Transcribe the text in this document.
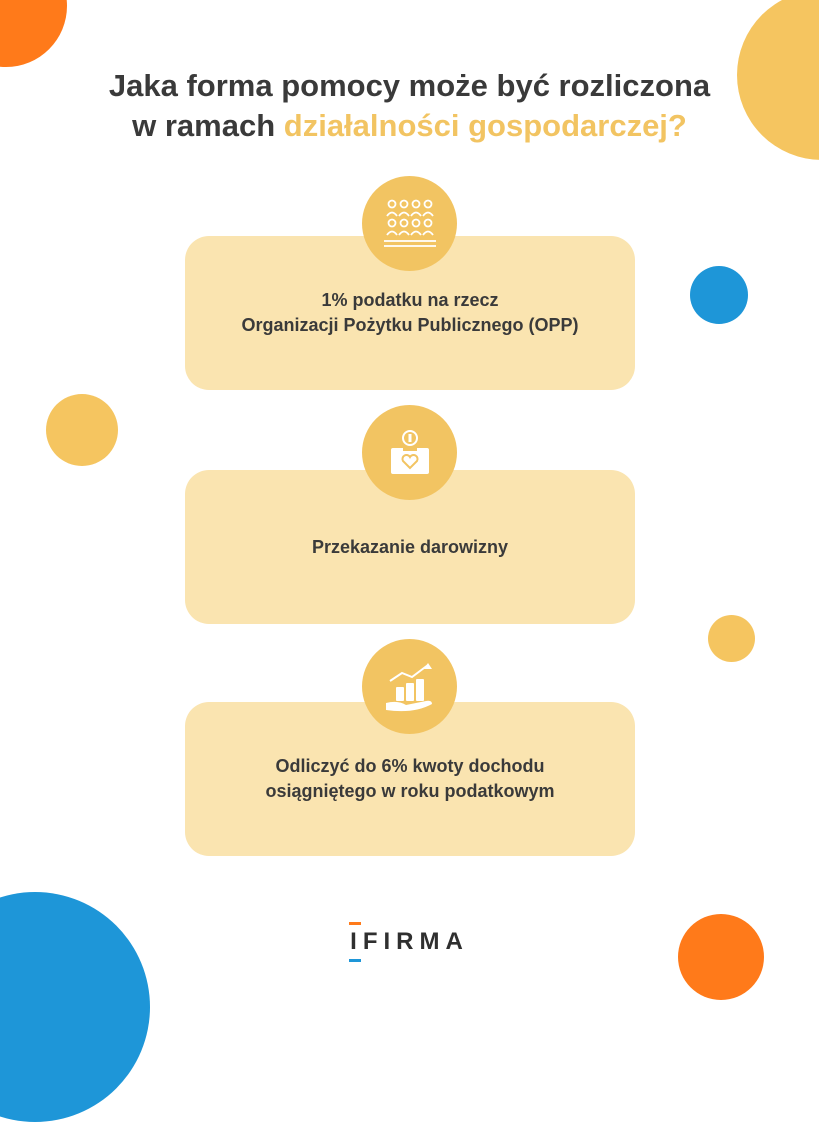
Jaka forma pomocy może być rozliczona
w ramach działalności gospodarczej?
1% podatku na rzecz
Organizacji Pożytku Publicznego (OPP)
Przekazanie darowizny
Odliczyć do 6% kwoty dochodu
osiągniętego w roku podatkowym
IFIRMA
